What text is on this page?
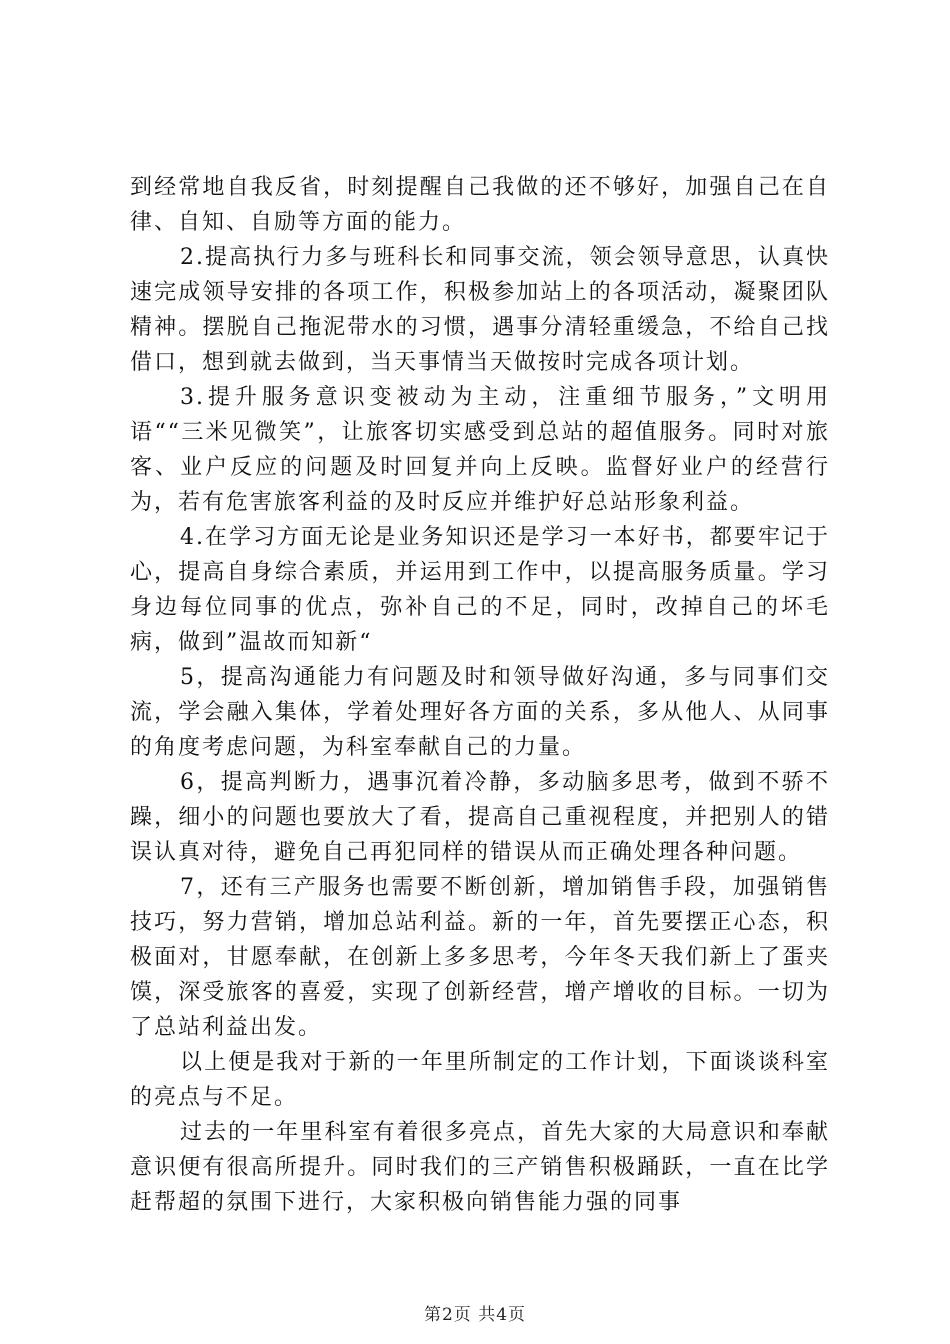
到经常地自我反省，时刻提醒自己我做的还不够好，加强自己在自律、自知、自励等方面的能力。

2.提高执行力多与班科长和同事交流，领会领导意思，认真快速完成领导安排的各项工作，积极参加站上的各项活动，凝聚团队精神。摆脱自己拖泥带水的习惯，遇事分清轻重缓急，不给自己找借口，想到就去做到，当天事情当天做按时完成各项计划。

3.提升服务意识变被动为主动，注重细节服务，”文明用语““三米见微笑”，让旅客切实感受到总站的超值服务。同时对旅客、业户反应的问题及时回复并向上反映。监督好业户的经营行为，若有危害旅客利益的及时反应并维护好总站形象利益。

4.在学习方面无论是业务知识还是学习一本好书，都要牢记于心，提高自身综合素质，并运用到工作中，以提高服务质量。学习身边每位同事的优点，弥补自己的不足，同时，改掉自己的坏毛病，做到”温故而知新“

5，提高沟通能力有问题及时和领导做好沟通，多与同事们交流，学会融入集体，学着处理好各方面的关系，多从他人、从同事的角度考虑问题，为科室奉献自己的力量。

6，提高判断力，遇事沉着冷静，多动脑多思考，做到不骄不躁，细小的问题也要放大了看，提高自己重视程度，并把别人的错误认真对待，避免自己再犯同样的错误从而正确处理各种问题。

7，还有三产服务也需要不断创新，增加销售手段，加强销售技巧，努力营销，增加总站利益。新的一年，首先要摆正心态，积极面对，甘愿奉献，在创新上多多思考，今年冬天我们新上了蛋夹馍，深受旅客的喜爱，实现了创新经营，增产增收的目标。一切为了总站利益出发。

以上便是我对于新的一年里所制定的工作计划，下面谈谈科室的亮点与不足。

过去的一年里科室有着很多亮点，首先大家的大局意识和奉献意识便有很高所提升。同时我们的三产销售积极踊跃，一直在比学赶帮超的氛围下进行，大家积极向销售能力强的同事

第2页 共4页
